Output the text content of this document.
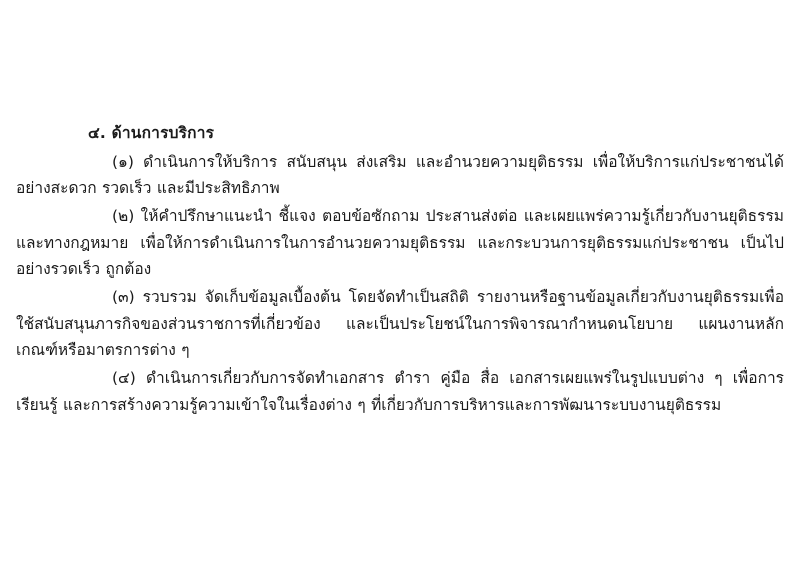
๔. ด้านการบริการ

(๑) ดำเนินการให้บริการ สนับสนุน ส่งเสริม และอำนวยความยุติธรรม เพื่อให้บริการแก่ประชาชนได้อย่างสะดวก รวดเร็ว และมีประสิทธิภาพ

(๒) ให้คำปรึกษาแนะนำ ชี้แจง ตอบข้อซักถาม ประสานส่งต่อ และเผยแพร่ความรู้เกี่ยวกับงานยุติธรรม และทางกฎหมาย เพื่อให้การดำเนินการในการอำนวยความยุติธรรม และกระบวนการยุติธรรมแก่ประชาชน เป็นไปอย่างรวดเร็ว ถูกต้อง

(๓) รวบรวม จัดเก็บข้อมูลเบื้องต้น โดยจัดทำเป็นสถิติ รายงานหรือฐานข้อมูลเกี่ยวกับงานยุติธรรมเพื่อใช้สนับสนุนภารกิจของส่วนราชการที่เกี่ยวข้อง และเป็นประโยชน์ในการพิจารณากำหนดนโยบาย แผนงานหลักเกณฑ์หรือมาตรการต่าง ๆ

(๔) ดำเนินการเกี่ยวกับการจัดทำเอกสาร ตำรา คู่มือ สื่อ เอกสารเผยแพร่ในรูปแบบต่าง ๆ เพื่อการเรียนรู้ และการสร้างความรู้ความเข้าใจในเรื่องต่าง ๆ ที่เกี่ยวกับการบริหารและการพัฒนาระบบงานยุติธรรม
